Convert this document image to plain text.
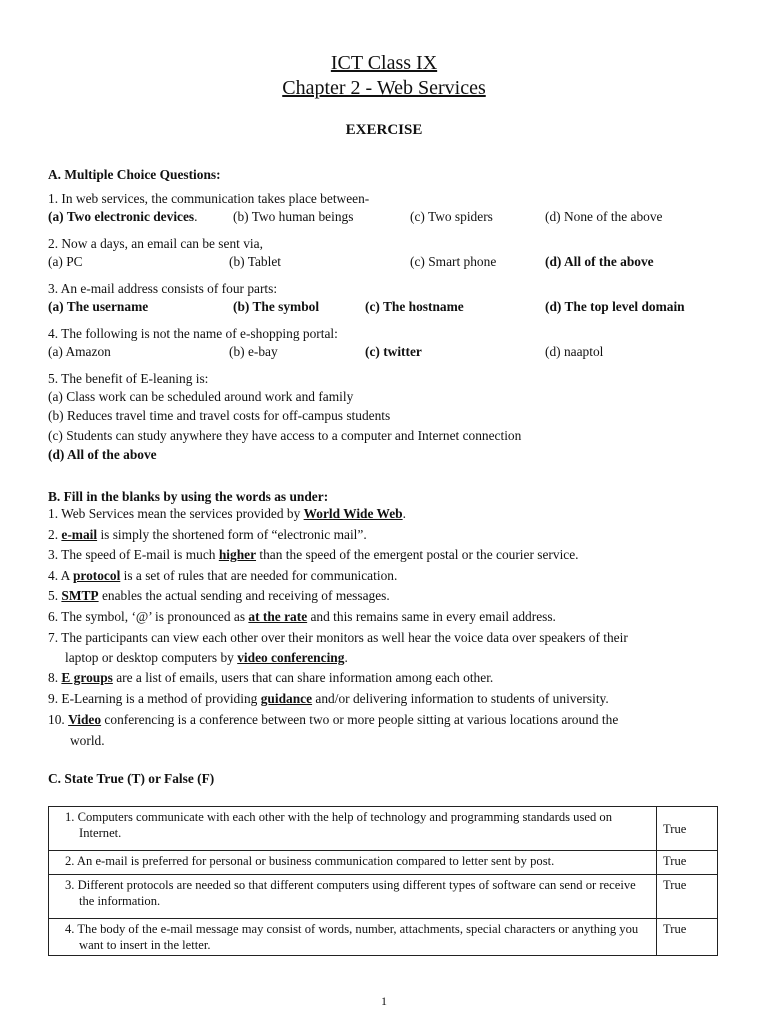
ICT Class IX
Chapter 2 - Web Services
EXERCISE
A. Multiple Choice Questions:
1. In web services, the communication takes place between-
(a) Two electronic devices.	(b) Two human beings	(c) Two spiders	(d) None of the above
2. Now a days, an email can be sent via,
(a) PC	(b) Tablet	(c) Smart phone	(d) All of the above
3. An e-mail address consists of four parts:
(a) The username	(b) The symbol	(c) The hostname	(d) The top level domain
4. The following is not the name of e-shopping portal:
(a) Amazon	(b) e-bay	(c) twitter	(d) naaptol
5. The benefit of E-leaning is:
(a) Class work can be scheduled around work and family
(b) Reduces travel time and travel costs for off-campus students
(c) Students can study anywhere they have access to a computer and Internet connection
(d) All of the above
B. Fill in the blanks by using the words as under:
1. Web Services mean the services provided by World Wide Web.
2. e-mail is simply the shortened form of “electronic mail”.
3. The speed of E-mail is much higher than the speed of the emergent postal or the courier service.
4. A protocol is a set of rules that are needed for communication.
5. SMTP enables the actual sending and receiving of messages.
6. The symbol, ‘@’ is pronounced as at the rate and this remains same in every email address.
7. The participants can view each other over their monitors as well hear the voice data over speakers of their
laptop or desktop computers by video conferencing.
8. E groups are a list of emails, users that can share information among each other.
9. E-Learning is a method of providing guidance and/or delivering information to students of university.
10. Video conferencing is a conference between two or more people sitting at various locations around the
world.
C. State True (T) or False (F)
1. Computers communicate with each other with the help of technology and programming standards used on Internet.	True

2. An e-mail is preferred for personal or business communication compared to letter sent by post.	True

3. Different protocols are needed so that different computers using different types of software can send or receive the information.	True

4. The body of the e-mail message may consist of words, number, attachments, special characters or anything you want to insert in the letter.	True
1
